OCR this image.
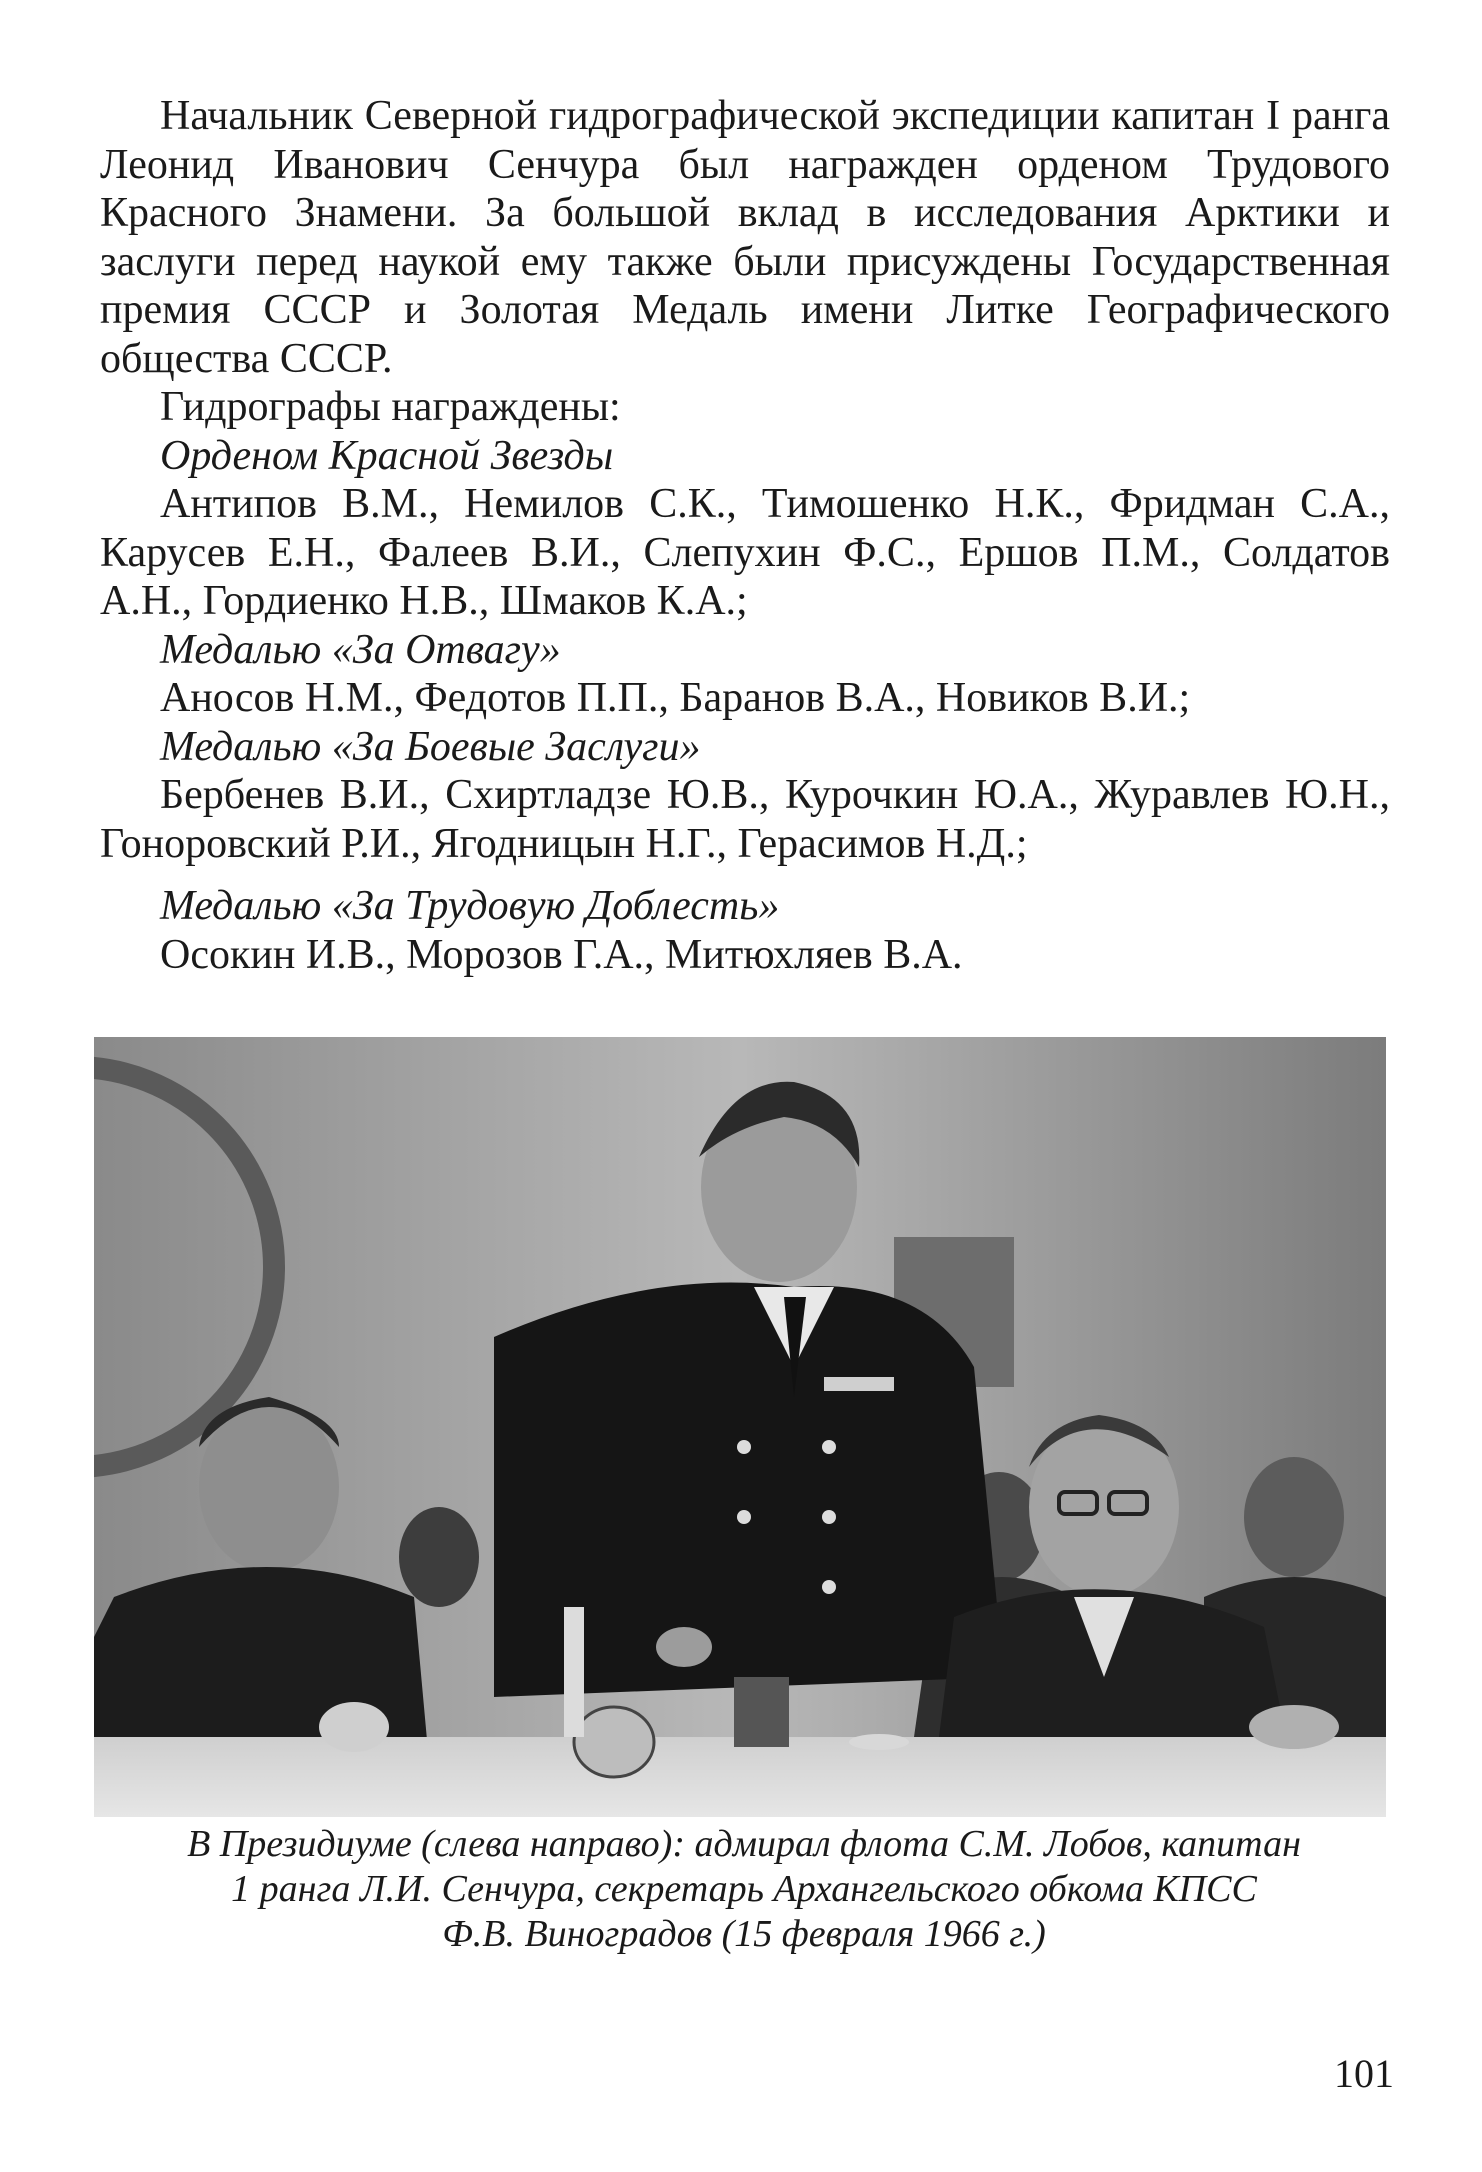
Начальник Северной гидрографической экспедиции капитан I ранга Леонид Иванович Сенчура был награжден орденом Трудового Красного Знамени. За большой вклад в исследования Арктики и заслуги перед наукой ему также были присуждены Государственная премия СССР и Золотая Медаль имени Литке Географического общества СССР.

Гидрографы награждены:

Орденом Красной Звезды

Антипов В.М., Немилов С.К., Тимошенко Н.К., Фридман С.А., Карусев Е.Н., Фалеев В.И., Слепухин Ф.С., Ершов П.М., Солдатов А.Н., Гордиенко Н.В., Шмаков К.А.;

Медалью «За Отвагу»

Аносов Н.М., Федотов П.П., Баранов В.А., Новиков В.И.;

Медалью «За Боевые Заслуги»

Бербенев В.И., Схиртладзе Ю.В., Курочкин Ю.А., Журавлев Ю.Н., Гоноровский Р.И., Ягодницын Н.Г., Герасимов Н.Д.;

Медалью «За Трудовую Доблесть»

Осокин И.В., Морозов Г.А., Митюхляев В.А.

В Президиуме (слева направо): адмирал флота С.М. Лобов, капитан
1 ранга Л.И. Сенчура, секретарь Архангельского обкома КПСС
Ф.В. Виноградов (15 февраля 1966 г.)
101
